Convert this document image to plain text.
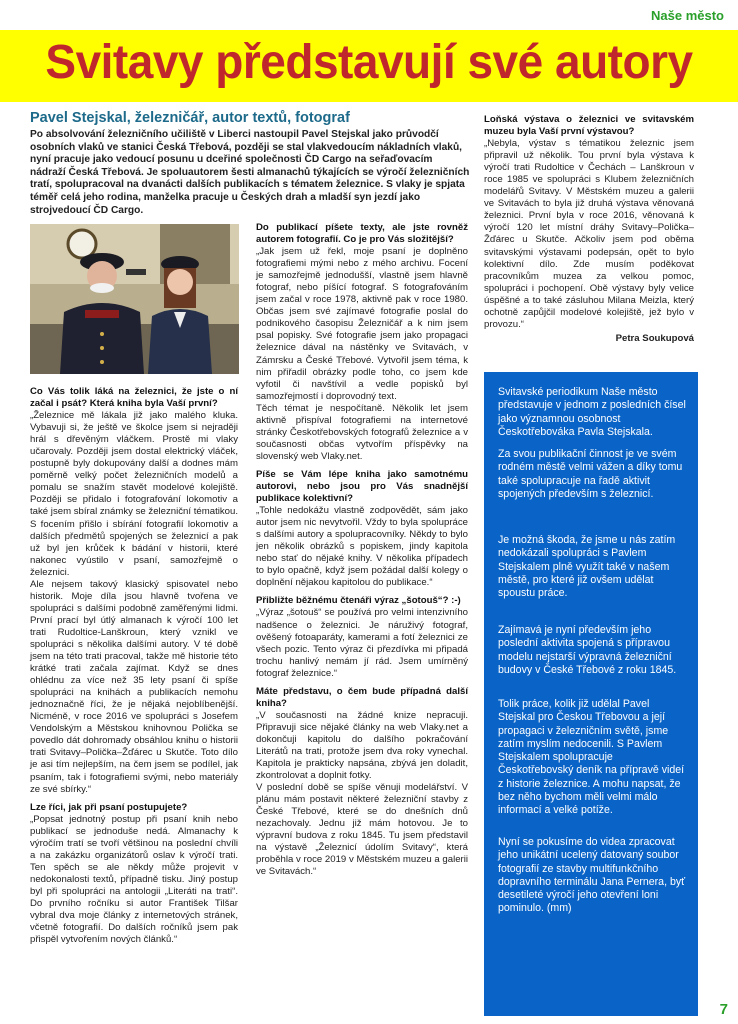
Naše město
Svitavy představují své autory
Pavel Stejskal, železničář, autor textů, fotograf
Po absolvování železničního učiliště v Liberci nastoupil Pavel Stejskal jako průvodčí osobních vlaků ve stanici Česká Třebová, později se stal vlakvedoucím nákladních vlaků, nyní pracuje jako vedoucí posunu u dceřiné společnosti ČD Cargo na seřaďovacím nádraží Česká Třebová. Je spoluautorem šesti almanachů týkajících se výročí železničních tratí, spolupracoval na dvanácti dalších publikacích s tématem železnice. S vlaky je spjata téměř celá jeho rodina, manželka pracuje u Českých drah a mladší syn jezdí jako strojvedoucí ČD Cargo.

Co Vás tolik láká na železnici, že jste o ní začal i psát? Která kniha byla Vaší první?

„Železnice mě lákala již jako malého kluka. Vybavuji si, že ještě ve školce jsem si nejraději hrál s dřevěným vláčkem. Prostě mi vlaky učarovaly. Později jsem dostal elektrický vláček, postupně byly dokupovány další a dodnes mám poměrně velký počet železničních modelů a pomalu se snažím stavět modelové kolejiště. Později se přidalo i fotografování lokomotiv a také jsem sbíral známky se železniční tématikou. S focením přišlo i sbírání fotografií lokomotiv a dalších předmětů spojených se železnicí a pak už byl jen krůček k bádání v historii, které nakonec vyústilo v psaní, samozřejmě o železnici.

Ale nejsem takový klasický spisovatel nebo historik. Moje díla jsou hlavně tvořena ve spolupráci s dalšími podobně zaměřenými lidmi. První prací byl útlý almanach k výročí 100 let trati Rudoltice-Lanškroun, který vznikl ve spolupráci s několika dalšími autory. V té době jsem na této trati pracoval, takže mě historie této krátké trati začala zajímat. Když se dnes ohlédnu za více než 35 lety psaní či spíše spolupráci na knihách a publikacích nemohu jednoznačně říci, že je nějaká nejoblíbenější. Nicméně, v roce 2016 ve spolupráci s Josefem Vendolským a Městskou knihovnou Polička se povedlo dát dohromady obsáhlou knihu o historii trati Svitavy–Polička–Žďárec u Skutče. Toto dílo je asi tím nejlepším, na čem jsem se podílel, jak psaním, tak i fotografiemi svými, nebo materiály ze své sbírky.“

Lze říci, jak při psaní postupujete?

„Popsat jednotný postup při psaní knih nebo publikací se jednoduše nedá. Almanachy k výročím tratí se tvoří většinou na poslední chvíli a na zakázku organizátorů oslav k výročí trati. Ten spěch se ale někdy může projevit v nedokonalosti textů, případně tisku. Jiný postup byl při spolupráci na antologii „Literáti na trati“. Do prvního ročníku si autor František Tilšar vybral dva moje články z internetových stránek, včetně fotografií. Do dalších ročníků jsem pak přispěl vytvořením nových článků.“

Do publikací píšete texty, ale jste rovněž autorem fotografií. Co je pro Vás složitější?

„Jak jsem už řekl, moje psaní je doplněno fotografiemi mými nebo z mého archivu. Focení je samozřejmě jednodušší, vlastně jsem hlavně fotograf, nebo píšící fotograf. S fotografováním jsem začal v roce 1978, aktivně pak v roce 1980. Občas jsem své zajímavé fotografie poslal do podnikového časopisu Železničář a k nim jsem psal popisky. Své fotografie jsem jako propagaci železnice dával na nástěnky ve Svitavách, v Zámrsku a České Třebové. Vytvořil jsem téma, k nim přiřadil obrázky podle toho, co jsem kde vyfotil či navštívil a vedle popisků byl samozřejmostí i doprovodný text.

Těch témat je nespočítaně. Několik let jsem aktivně přispíval fotografiemi na internetové stránky Českotřebovských fotografů železnice a v současnosti občas vytvořím příspěvky na slovenský web Vlaky.net.

Píše se Vám lépe kniha jako samotnému autorovi, nebo jsou pro Vás snadnější publikace kolektivní?

„Tohle nedokážu vlastně zodpovědět, sám jako autor jsem nic nevytvořil. Vždy to byla spolupráce s dalšími autory a spolupracovníky. Někdy to bylo jen několik obrázků s popiskem, jindy kapitola nebo stať do nějaké knihy. V několika případech to bylo opačně, když jsem požádal další kolegy o doplnění nějakou kapitolou do publikace.“

Přibližte běžnému čtenáři výraz „šotouš“? :-)

„Výraz „šotouš“ se používá pro velmi intenzivního nadšence o železnici. Je náruživý fotograf, ověšený fotoaparáty, kamerami a fotí železnici ze všech pozic. Tento výraz či přezdívka mi připadá trochu hanlivý nemám jí rád. Jsem umírněný fotograf železnice.“

Máte představu, o čem bude případná další kniha?

„V současnosti na žádné knize nepracuji. Připravuji sice nějaké články na web Vlaky.net a dokončuji kapitolu do dalšího pokračování Literátů na trati, protože jsem dva roky vynechal. Kapitola je prakticky napsána, zbývá jen doladit, zkontrolovat a doplnit fotky.

V poslední době se spíše věnuji modelářství. V plánu mám postavit některé železniční stavby z České Třebové, které se do dnešních dnů nezachovaly. Jednu již mám hotovou. Je to výpravní budova z roku 1845. Tu jsem představil na výstavě „Železnicí údolím Svitavy“, která proběhla v roce 2019 v Městském muzeu a galerii ve Svitavách.“

Loňská výstava o železnici ve svitavském muzeu byla Vaší první výstavou?

„Nebyla, výstav s tématikou železnic jsem připravil už několik. Tou první byla výstava k výročí trati Rudoltice v Čechách – Lanškroun v roce 1985 ve spolupráci s Klubem železničních modelářů Svitavy. V Městském muzeu a galerii ve Svitavách to byla již druhá výstava věnovaná železnici. První byla v roce 2016, věnovaná k výročí 120 let místní dráhy Svitavy–Polička–Žďárec u Skutče. Ačkoliv jsem pod oběma svitavskými výstavami podepsán, opět to bylo kolektivní dílo. Zde musím poděkovat pracovníkům muzea za velkou pomoc, spolupráci i pochopení. Obě výstavy byly velice úspěšné a to také zásluhou Milana Meizla, který ochotně zapůjčil modelové kolejiště, jež bylo v provozu.“

Petra Soukupová

Svitavské periodikum Naše město představuje v jednom z posledních čísel jako významnou osobnost Českotřebováka Pavla Stejskala.

Za svou publikační činnost je ve svém rodném městě velmi vážen a díky tomu také spolupracuje na řadě aktivit spojených především s železnicí.

Je možná škoda, že jsme u nás zatím nedokázali spolupráci s Pavlem Stejskalem plně využít také v našem městě, pro které již ovšem udělat spoustu práce.

Zajímavá je nyní především jeho poslední aktivita spojená s přípravou modelu nejstarší výpravná železniční budovy v České Třebové z roku 1845.

Tolik práce, kolik již udělal Pavel Stejskal pro Českou Třebovou a její propagaci v železničním světě, jsme zatím myslím nedocenili. S Pavlem Stejskalem spolupracuje Českotřebovský deník na přípravě videí z historie železnice. A mohu napsat, že bez něho bychom měli velmi málo informací a velké potíže.

Nyní se pokusíme do videa zpracovat jeho unikátní ucelený datovaný soubor fotografií ze stavby multifunkčního dopravního terminálu Jana Pernera, byť desetileté výročí jeho otevření loni pominulo. (mm)

7
